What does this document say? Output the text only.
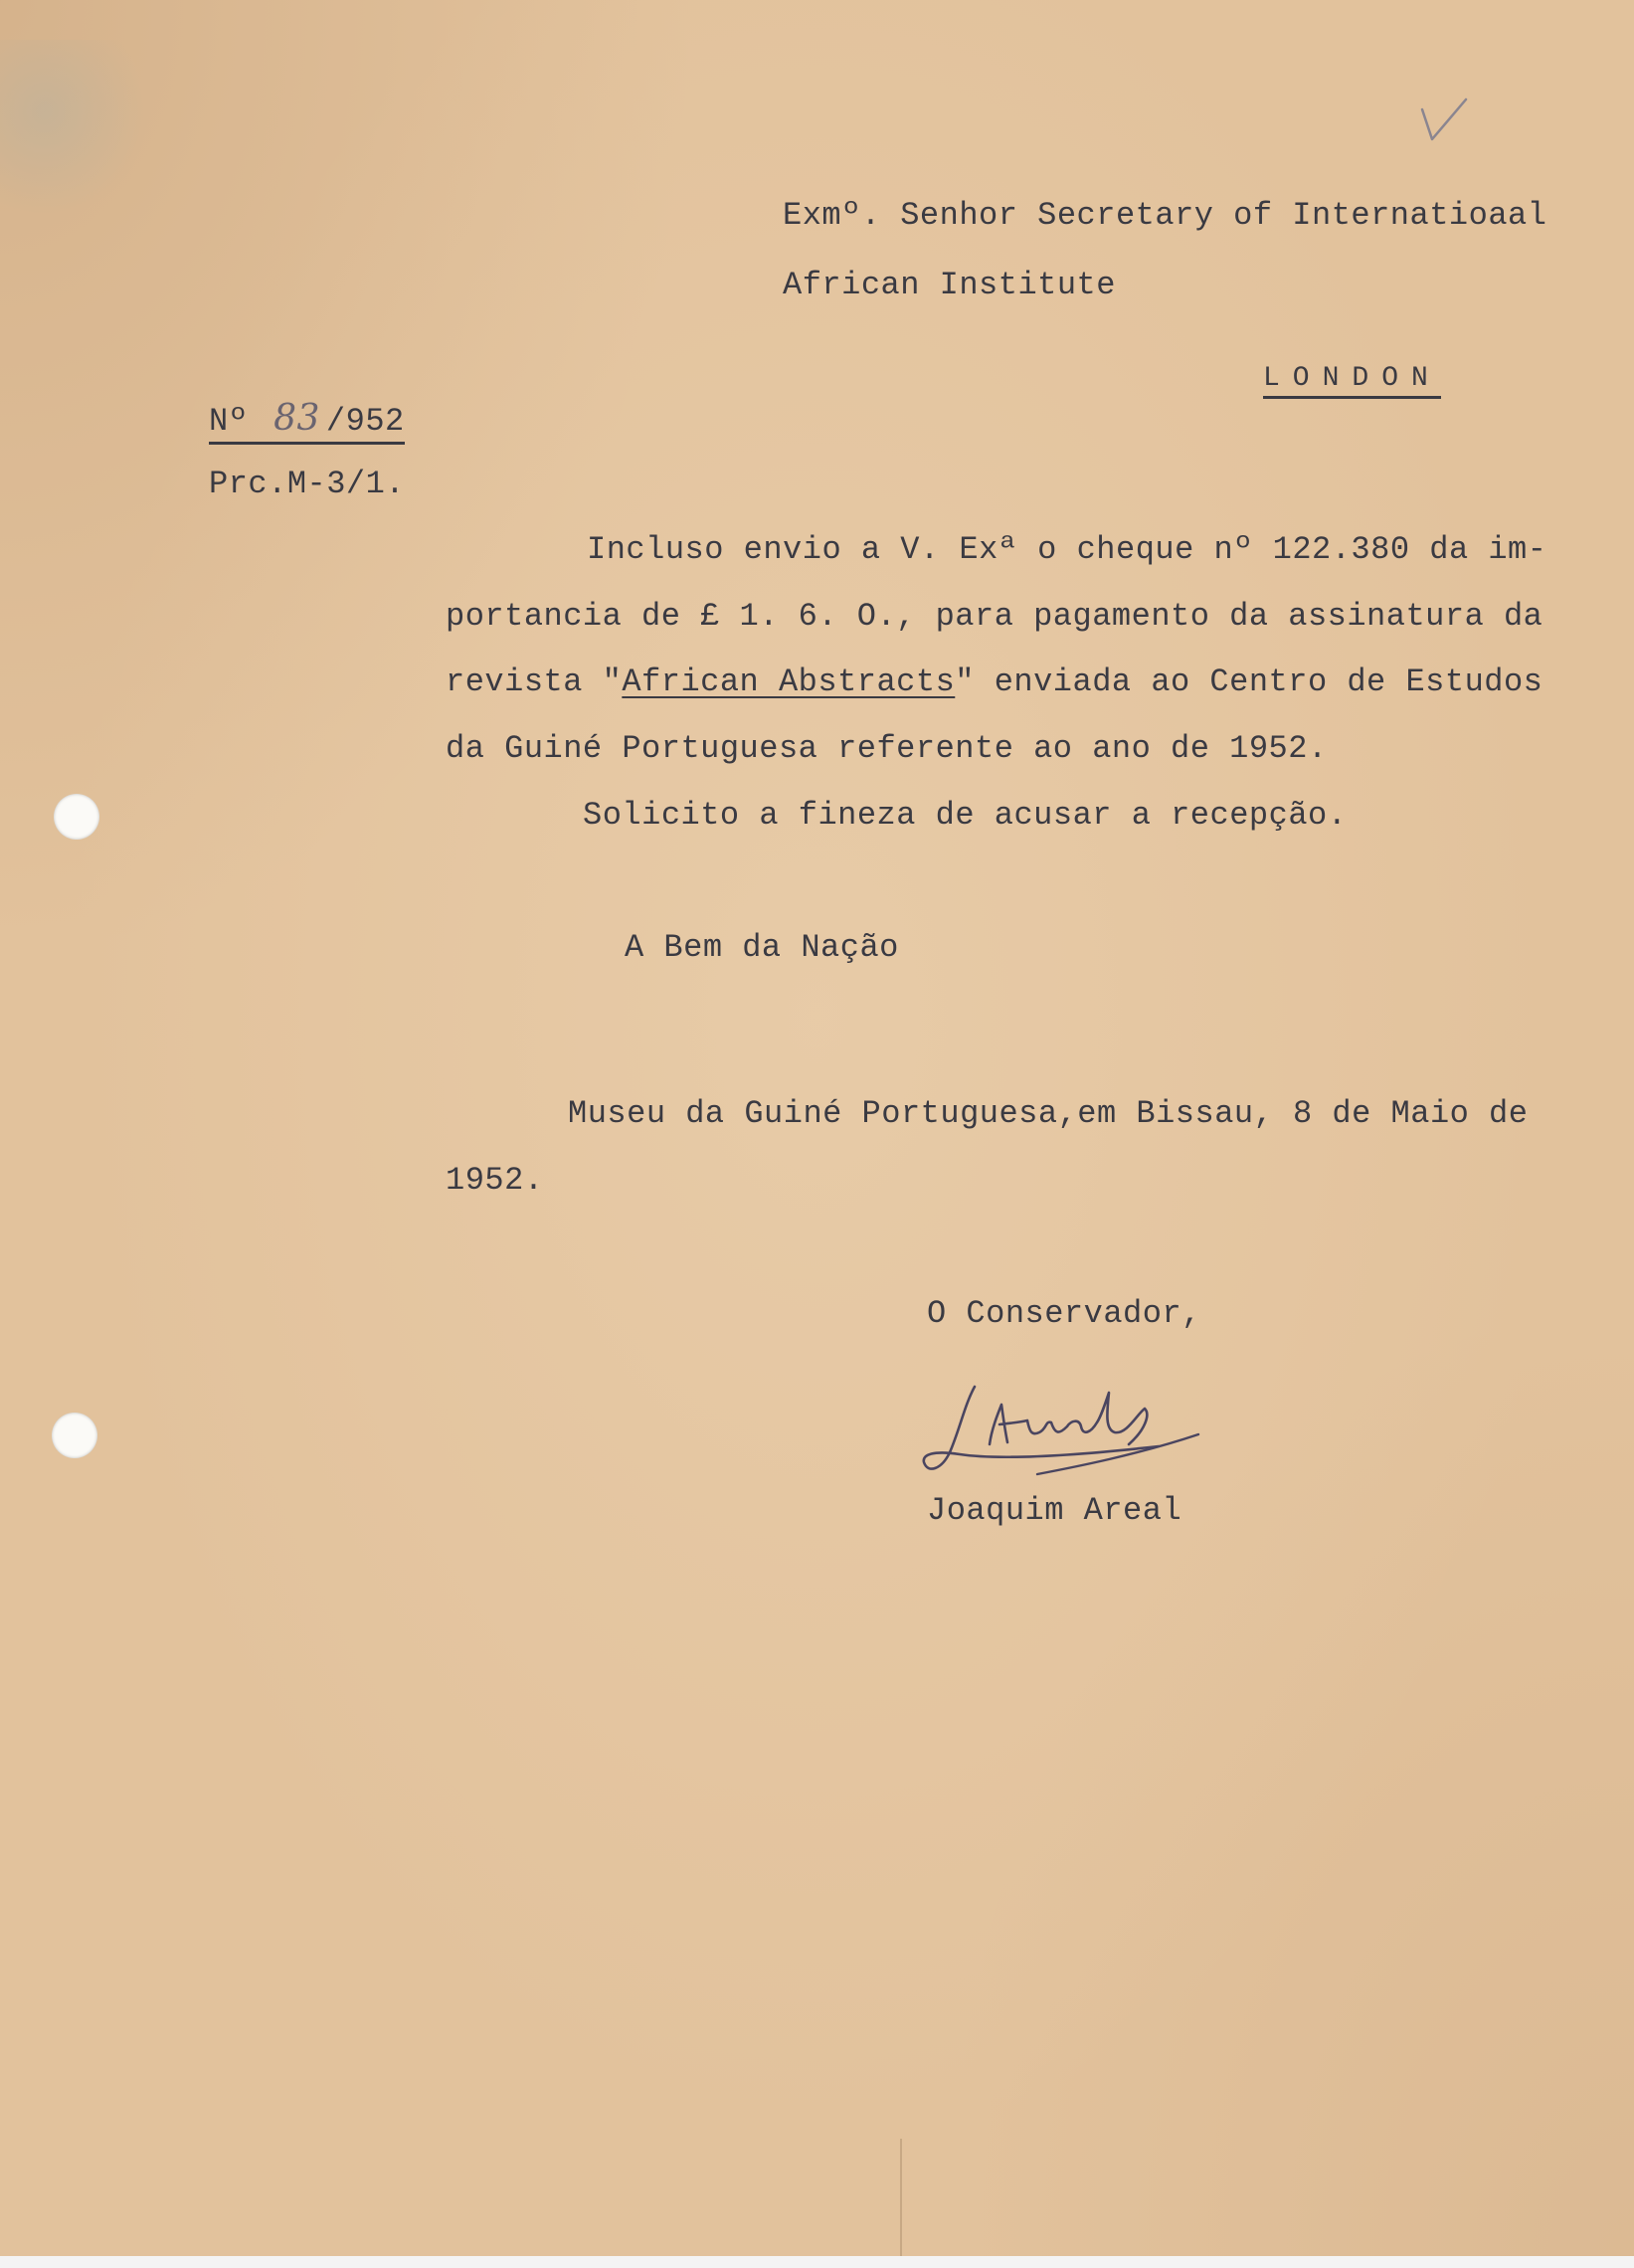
Exmº. Senhor Secretary of Internatioaal
African Institute
LONDON
Nº 83 /952
Prc.M-3/1.
Incluso envio a V. Exª o cheque nº 122.380 da im-
portancia de £ 1. 6. O., para pagamento da assinatura da
revista "African Abstracts" enviada ao Centro de Estudos
da Guiné Portuguesa referente ao ano de 1952.
Solicito a fineza de acusar a recepção.
A Bem da Nação
Museu da Guiné Portuguesa,em Bissau, 8 de Maio de
1952.
O Conservador,
Joaquim Areal
